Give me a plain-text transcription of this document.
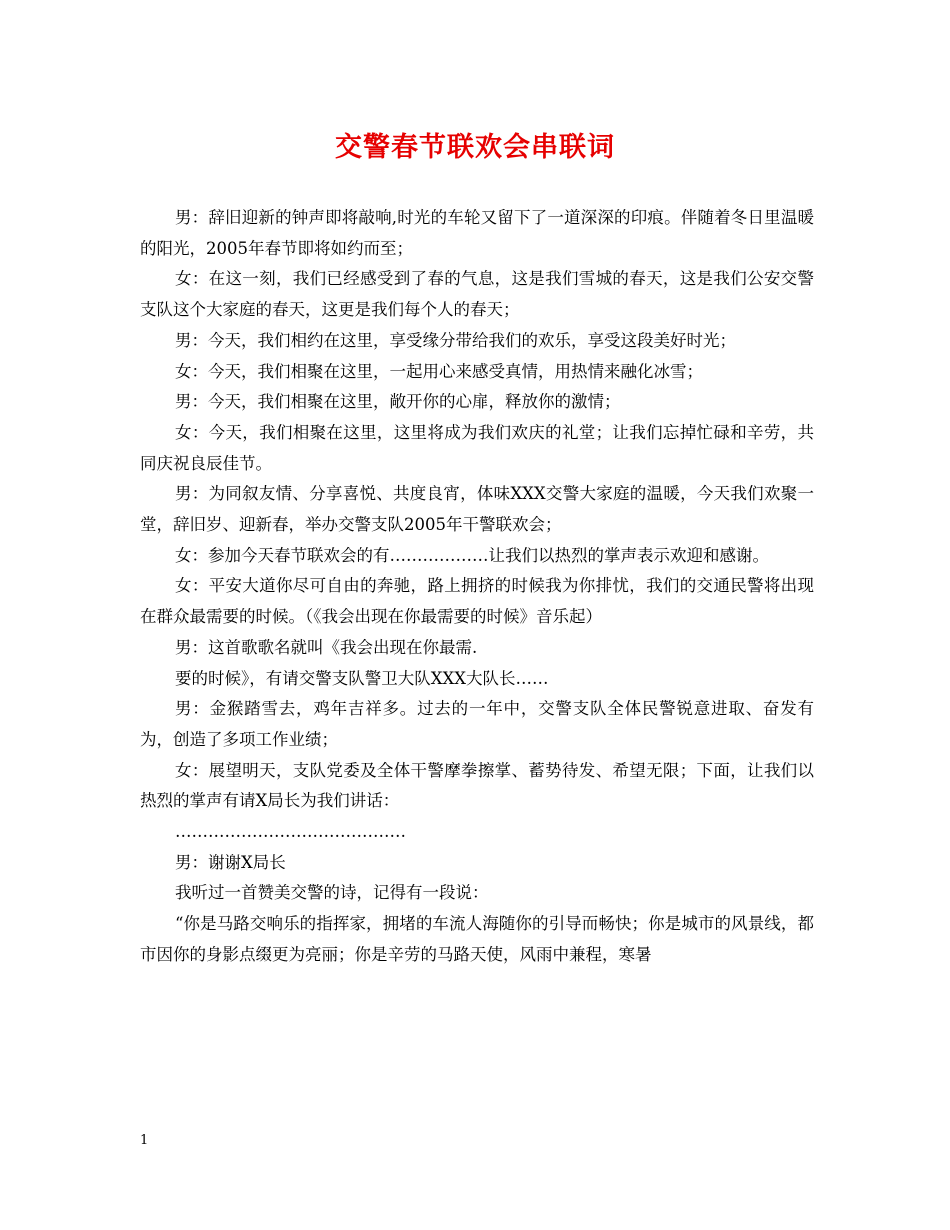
交警春节联欢会串联词

男：辞旧迎新的钟声即将敲响,时光的车轮又留下了一道深深的印痕。伴随着冬日里温暖的阳光，2005年春节即将如约而至；

女：在这一刻，我们已经感受到了春的气息，这是我们雪城的春天，这是我们公安交警支队这个大家庭的春天，这更是我们每个人的春天；

男：今天，我们相约在这里，享受缘分带给我们的欢乐，享受这段美好时光；

女：今天，我们相聚在这里，一起用心来感受真情，用热情来融化冰雪；

男：今天，我们相聚在这里，敞开你的心扉，释放你的激情；

女：今天，我们相聚在这里，这里将成为我们欢庆的礼堂；让我们忘掉忙碌和辛劳，共同庆祝良辰佳节。

男：为同叙友情、分享喜悦、共度良宵，体味XXX交警大家庭的温暖，今天我们欢聚一堂，辞旧岁、迎新春，举办交警支队2005年干警联欢会；

女：参加今天春节联欢会的有………………让我们以热烈的掌声表示欢迎和感谢。

女：平安大道你尽可自由的奔驰，路上拥挤的时候我为你排忧，我们的交通民警将出现在群众最需要的时候。（《我会出现在你最需要的时候》音乐起）

男：这首歌歌名就叫《我会出现在你最需.

要的时候》，有请交警支队警卫大队XXX大队长……

男：金猴踏雪去，鸡年吉祥多。过去的一年中，交警支队全体民警锐意进取、奋发有为，创造了多项工作业绩；

女：展望明天，支队党委及全体干警摩拳擦掌、蓄势待发、希望无限；下面，让我们以热烈的掌声有请X局长为我们讲话：

……………………………………

男：谢谢X局长

我听过一首赞美交警的诗，记得有一段说：

“你是马路交响乐的指挥家，拥堵的车流人海随你的引导而畅快；你是城市的风景线，都市因你的身影点缀更为亮丽；你是辛劳的马路天使，风雨中兼程，寒暑

1
